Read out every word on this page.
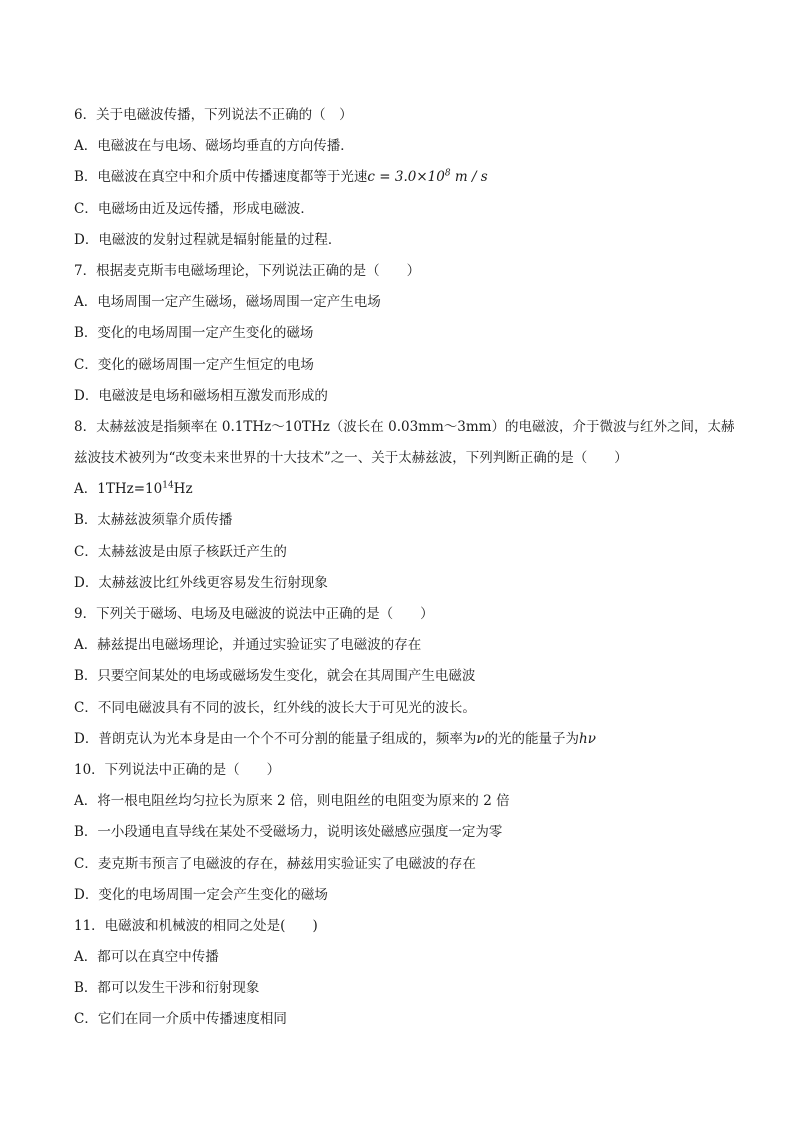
6．关于电磁波传播，下列说法不正确的（　）
A．电磁波在与电场、磁场均垂直的方向传播．
B．电磁波在真空中和介质中传播速度都等于光速$c = 3.0\times 10^8$ m / s
C．电磁场由近及远传播，形成电磁波．
D．电磁波的发射过程就是辐射能量的过程．
7．根据麦克斯韦电磁场理论，下列说法正确的是（　　）
A．电场周围一定产生磁场，磁场周围一定产生电场
B．变化的电场周围一定产生变化的磁场
C．变化的磁场周围一定产生恒定的电场
D．电磁波是电场和磁场相互激发而形成的
8．太赫兹波是指频率在 0.1THz～10THz（波长在 0.03mm～3mm）的电磁波，介于微波与红外之间，太赫
兹波技术被列为“改变未来世界的十大技术”之一、关于太赫兹波，下列判断正确的是（　　）
A．$1THz=10^{14}Hz$
B．太赫兹波须靠介质传播
C．太赫兹波是由原子核跃迁产生的
D．太赫兹波比红外线更容易发生衍射现象
9．下列关于磁场、电场及电磁波的说法中正确的是（　　）
A．赫兹提出电磁场理论，并通过实验证实了电磁波的存在
B．只要空间某处的电场或磁场发生变化，就会在其周围产生电磁波
C．不同电磁波具有不同的波长，红外线的波长大于可见光的波长。
D．普朗克认为光本身是由一个个不可分割的能量子组成的，频率为ν的光的能量子为hν
10．下列说法中正确的是（　　）
A．将一根电阻丝均匀拉长为原来 2 倍，则电阻丝的电阻变为原来的 2 倍
B．一小段通电直导线在某处不受磁场力，说明该处磁感应强度一定为零
C．麦克斯韦预言了电磁波的存在，赫兹用实验证实了电磁波的存在
D．变化的电场周围一定会产生变化的磁场
11．电磁波和机械波的相同之处是(　　)
A．都可以在真空中传播
B．都可以发生干涉和衍射现象
C．它们在同一介质中传播速度相同
